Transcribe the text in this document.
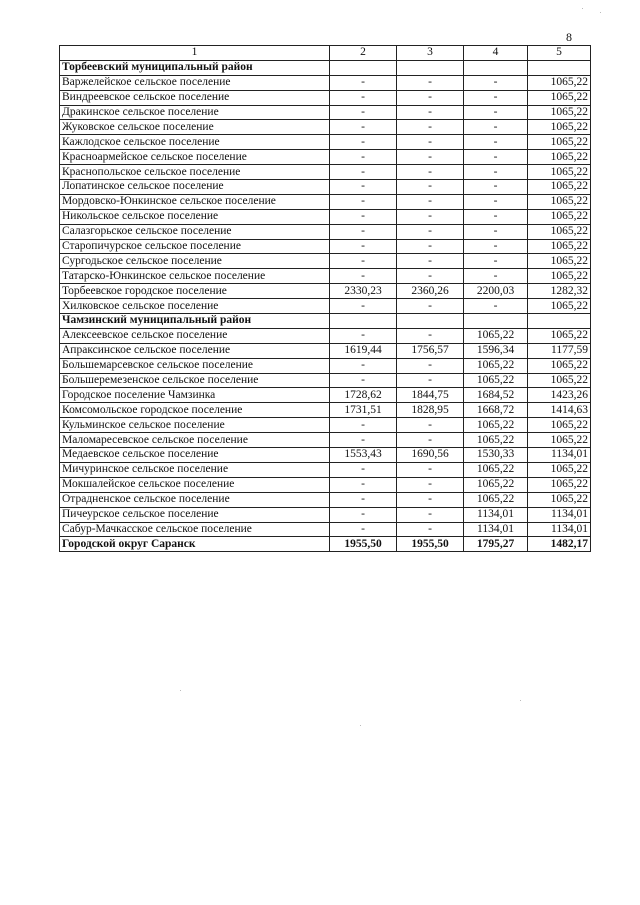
8
1	2	3	4	5
Торбеевский муниципальный район				
Варжелейское сельское поселение	-	-	-	1065,22
Виндреевское сельское поселение	-	-	-	1065,22
Дракинское сельское поселение	-	-	-	1065,22
Жуковское сельское поселение	-	-	-	1065,22
Кажлодское сельское поселение	-	-	-	1065,22
Красноармейское сельское поселение	-	-	-	1065,22
Краснопольское сельское поселение	-	-	-	1065,22
Лопатинское сельское поселение	-	-	-	1065,22
Мордовско-Юнкинское сельское поселение	-	-	-	1065,22
Никольское сельское поселение	-	-	-	1065,22
Салазгорьское сельское поселение	-	-	-	1065,22
Старопичурское сельское поселение	-	-	-	1065,22
Сургодьское сельское поселение	-	-	-	1065,22
Татарско-Юнкинское сельское поселение	-	-	-	1065,22
Торбеевское городское поселение	2330,23	2360,26	2200,03	1282,32
Хилковское сельское поселение	-	-	-	1065,22
Чамзинский муниципальный район				
Алексеевское сельское поселение	-	-	1065,22	1065,22
Апраксинское сельское поселение	1619,44	1756,57	1596,34	1177,59
Большемарсевское сельское поселение	-	-	1065,22	1065,22
Большеремезенское сельское поселение	-	-	1065,22	1065,22
Городское поселение Чамзинка	1728,62	1844,75	1684,52	1423,26
Комсомольское городское поселение	1731,51	1828,95	1668,72	1414,63
Кульминское сельское поселение	-	-	1065,22	1065,22
Маломаресевское сельское поселение	-	-	1065,22	1065,22
Медаевское сельское поселение	1553,43	1690,56	1530,33	1134,01
Мичуринское сельское поселение	-	-	1065,22	1065,22
Мокшалейское сельское поселение	-	-	1065,22	1065,22
Отрадненское сельское поселение	-	-	1065,22	1065,22
Пичеурское сельское поселение	-	-	1134,01	1134,01
Сабур-Мачкасское сельское поселение	-	-	1134,01	1134,01
Городской округ Саранск	1955,50	1955,50	1795,27	1482,17
